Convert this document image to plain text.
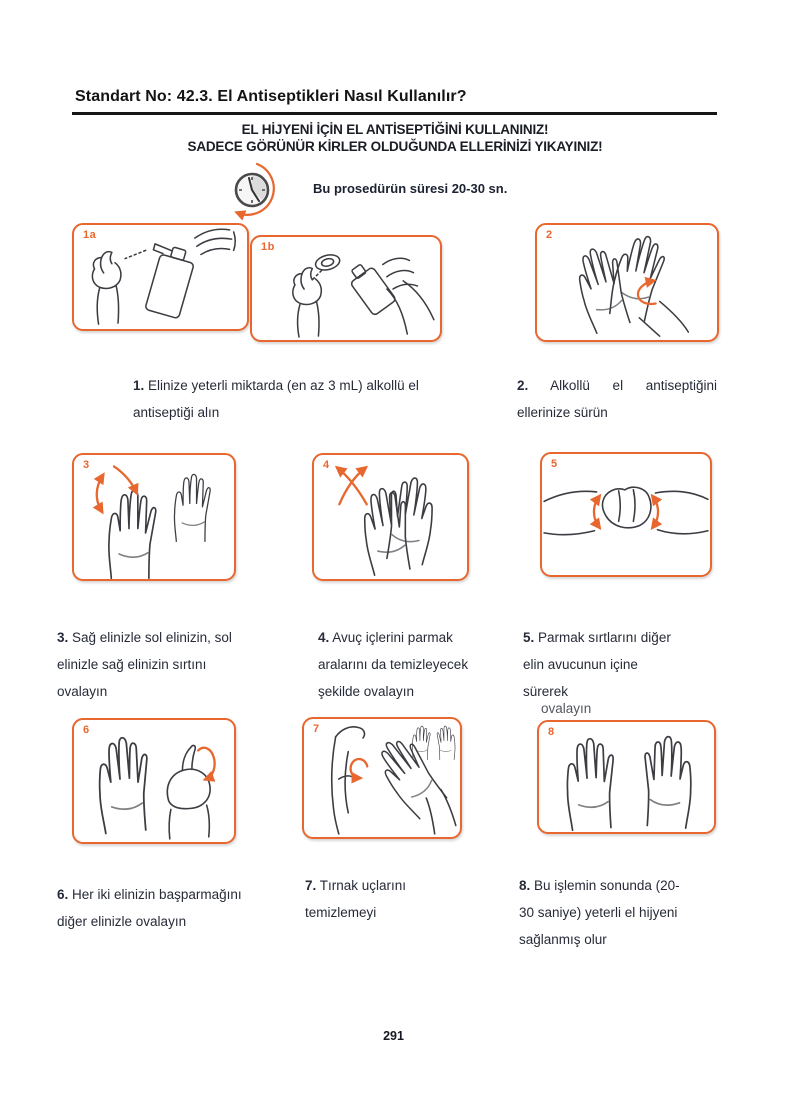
Standart No: 42.3. El Antiseptikleri Nasıl Kullanılır?
EL HİJYENİ İÇİN EL ANTİSEPTİĞİNİ KULLANINIZ!
SADECE GÖRÜNÜR KİRLER OLDUĞUNDA ELLERİNİZİ YIKAYINIZ!
Bu prosedürün süresi 20-30 sn.
1a
1b
2
1. Elinize yeterli miktarda (en az 3 mL) alkollü el antiseptiği alın
2. Alkollü el antiseptiğini ellerinize sürün
3	4	5
3. Sağ elinizle sol elinizin, sol elinizle sağ elinizin sırtını ovalayın
4. Avuç içlerini parmak aralarını da temizleyecek şekilde ovalayın
5. Parmak sırtlarını diğer elin avucunun içine sürerek
ovalayın
6	7	8
6. Her iki elinizin başparmağını diğer elinizle ovalayın
7. Tırnak uçlarını temizlemeyi
8. Bu işlemin sonunda (20-30 saniye) yeterli el hijyeni sağlanmış olur
291
